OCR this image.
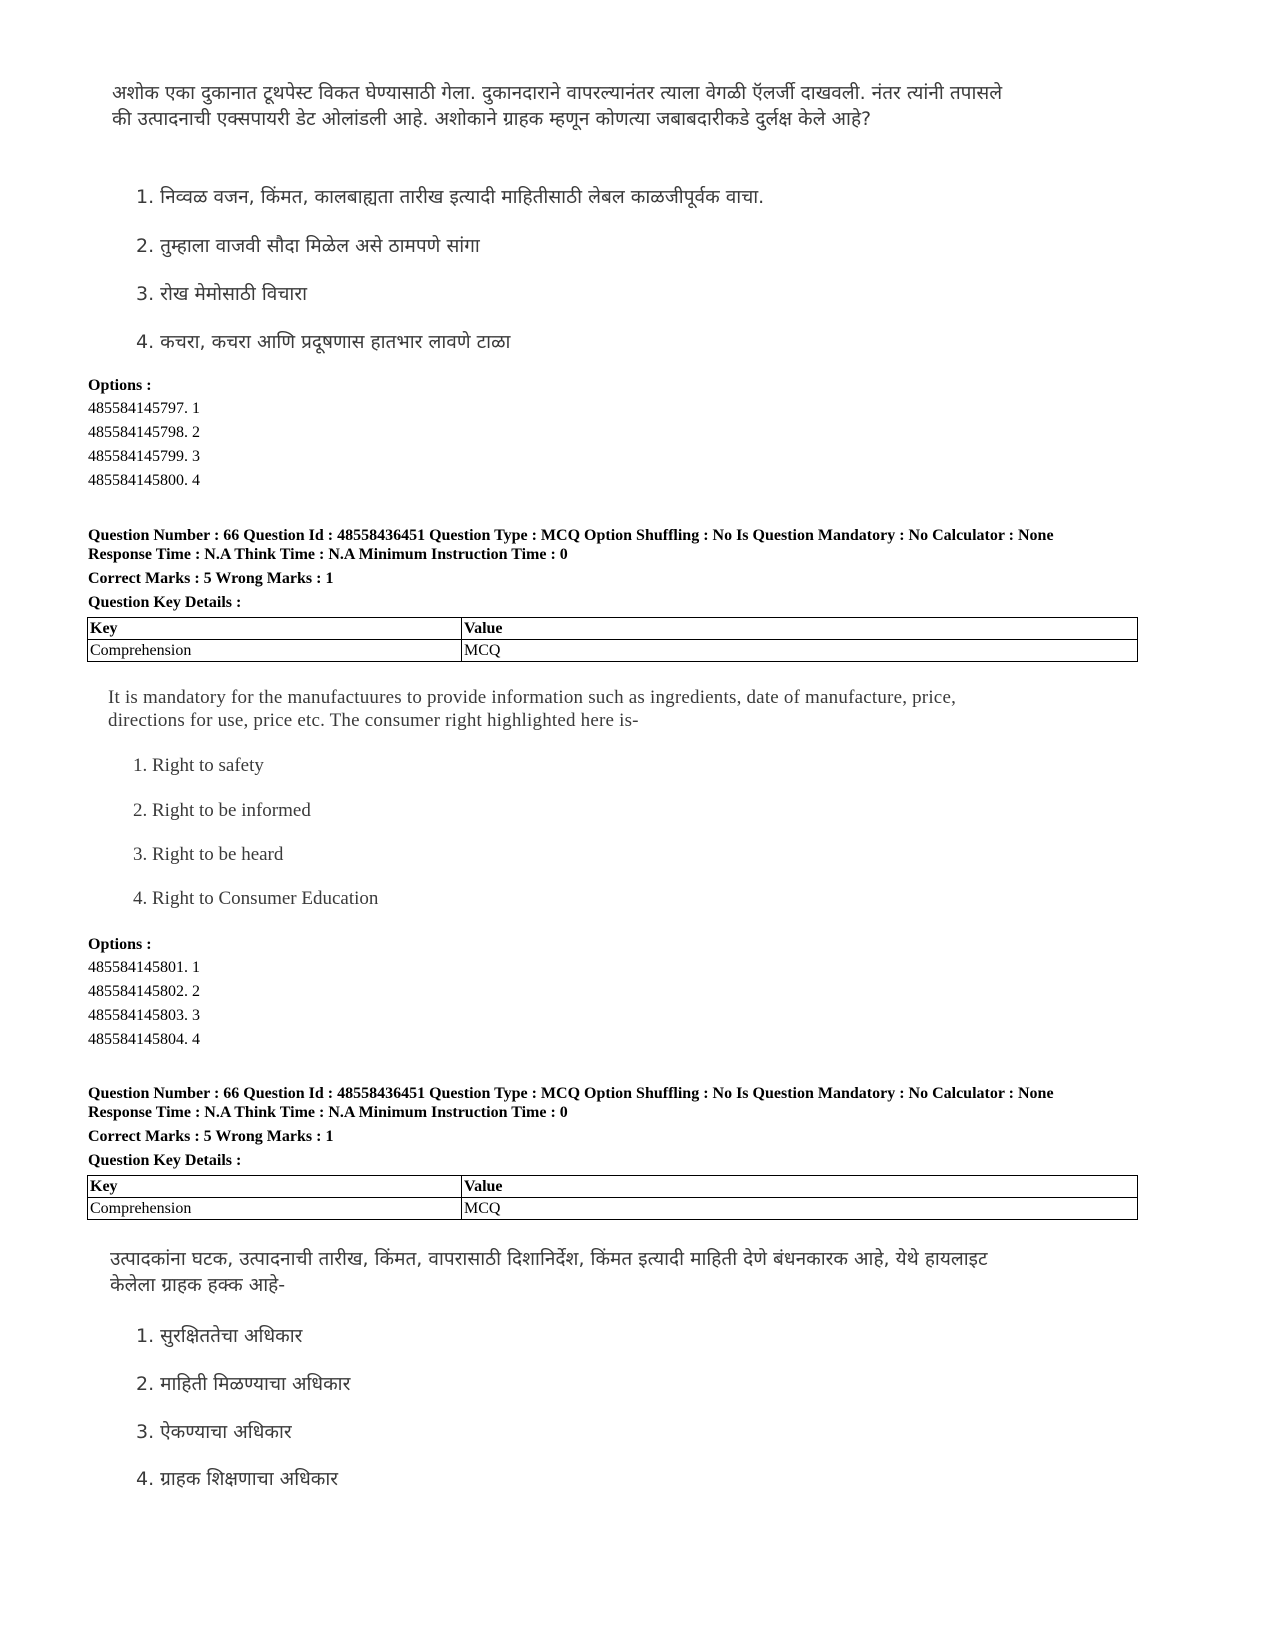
अशोक एका दुकानात टूथपेस्ट विकत घेण्यासाठी गेला. दुकानदाराने वापरल्यानंतर त्याला वेगळी ऍलर्जी दाखवली. नंतर त्यांनी तपासले की उत्पादनाची एक्सपायरी डेट ओलांडली आहे. अशोकाने ग्राहक म्हणून कोणत्या जबाबदारीकडे दुर्लक्ष केले आहे?
1. निव्वळ वजन, किंमत, कालबाह्यता तारीख इत्यादी माहितीसाठी लेबल काळजीपूर्वक वाचा.
2. तुम्हाला वाजवी सौदा मिळेल असे ठामपणे सांगा
3. रोख मेमोसाठी विचारा
4. कचरा, कचरा आणि प्रदूषणास हातभार लावणे टाळा
Options :
485584145797. 1
485584145798. 2
485584145799. 3
485584145800. 4
Question Number : 66 Question Id : 48558436451 Question Type : MCQ Option Shuffling : No Is Question Mandatory : No Calculator : None
Response Time : N.A Think Time : N.A Minimum Instruction Time : 0
Correct Marks : 5 Wrong Marks : 1
Question Key Details :
Key	Value
Comprehension	MCQ
It is mandatory for the manufactuures to provide information such as ingredients, date of manufacture, price, directions for use, price etc. The consumer right highlighted here is-
1. Right to safety
2. Right to be informed
3. Right to be heard
4. Right to Consumer Education
Options :
485584145801. 1
485584145802. 2
485584145803. 3
485584145804. 4
Question Number : 66 Question Id : 48558436451 Question Type : MCQ Option Shuffling : No Is Question Mandatory : No Calculator : None
Response Time : N.A Think Time : N.A Minimum Instruction Time : 0
Correct Marks : 5 Wrong Marks : 1
Question Key Details :
Key	Value
Comprehension	MCQ
उत्पादकांना घटक, उत्पादनाची तारीख, किंमत, वापरासाठी दिशानिर्देश, किंमत इत्यादी माहिती देणे बंधनकारक आहे, येथे हायलाइट केलेला ग्राहक हक्क आहे-
1. सुरक्षिततेचा अधिकार
2. माहिती मिळण्याचा अधिकार
3. ऐकण्याचा अधिकार
4. ग्राहक शिक्षणाचा अधिकार
